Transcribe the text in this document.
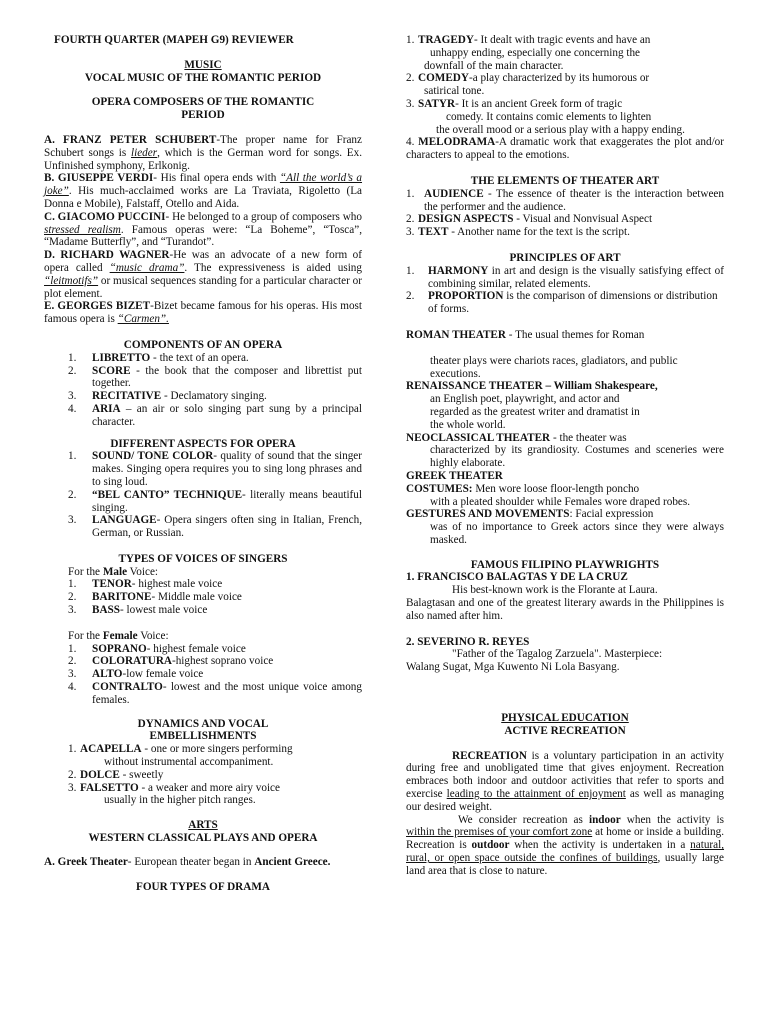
FOURTH QUARTER (MAPEH G9) REVIEWER

MUSIC

VOCAL MUSIC OF THE ROMANTIC PERIOD

OPERA COMPOSERS OF THE ROMANTIC

PERIOD

A. FRANZ PETER SCHUBERT-The proper name for Franz Schubert songs is lieder, which is the German word for songs. Ex. Unfinished symphony, Erlkonig.

B. GIUSEPPE VERDI- His final opera ends with “All the world’s a joke”. His much-acclaimed works are La Traviata, Rigoletto (La Donna e Mobile), Falstaff, Otello and Aida.

C. GIACOMO PUCCINI- He belonged to a group of composers who stressed realism. Famous operas were: “La Boheme”, “Tosca”, “Madame Butterfly”, and “Turandot”.

D. RICHARD WAGNER-He was an advocate of a new form of opera called “music drama”. The expressiveness is aided using “leitmotifs” or musical sequences standing for a particular character or plot element.

E. GEORGES BIZET-Bizet became famous for his operas. His most famous opera is “Carmen”.

COMPONENTS OF AN OPERA

1. LIBRETTO - the text of an opera.
2. SCORE - the book that the composer and librettist put together.
3. RECITATIVE - Declamatory singing.
4. ARIA – an air or solo singing part sung by a principal character.

DIFFERENT ASPECTS FOR OPERA

1. SOUND/ TONE COLOR- quality of sound that the singer makes. Singing opera requires you to sing long phrases and to sing loud.
2. “BEL CANTO” TECHNIQUE- literally means beautiful singing.
3. LANGUAGE- Opera singers often sing in Italian, French, German, or Russian.

TYPES OF VOICES OF SINGERS

For the Male Voice:

1. TENOR- highest male voice
2. BARITONE- Middle male voice
3. BASS- lowest male voice

For the Female Voice:

1. SOPRANO- highest female voice
2. COLORATURA-highest soprano voice
3. ALTO-low female voice
4. CONTRALTO- lowest and the most unique voice among females.

DYNAMICS AND VOCAL

EMBELLISHMENTS

1. ACAPELLA - one or more singers performing

without instrumental accompaniment.

2. DOLCE - sweetly
3. FALSETTO - a weaker and more airy voice

usually in the higher pitch ranges.

ARTS

WESTERN CLASSICAL PLAYS AND OPERA

A. Greek Theater- European theater began in Ancient Greece.

FOUR TYPES OF DRAMA

1. TRAGEDY- It dealt with tragic events and have an

unhappy ending, especially one concerning the

downfall of the main character.

2. COMEDY-a play characterized by its humorous or

satirical tone.

3. SATYR- It is an ancient Greek form of tragic

comedy. It contains comic elements to lighten

the overall mood or a serious play with a happy ending.

4. MELODRAMA-A dramatic work that exaggerates the plot and/or characters to appeal to the emotions.

THE ELEMENTS OF THEATER ART

1. AUDIENCE - The essence of theater is the interaction between the performer and the audience.
2. DESIGN ASPECTS - Visual and Nonvisual Aspect
3. TEXT - Another name for the text is the script.

PRINCIPLES OF ART

1. HARMONY in art and design is the visually satisfying effect of combining similar, related elements.
2. PROPORTION is the comparison of dimensions or distribution of forms.

ROMAN THEATER - The usual themes for Roman

theater plays were chariots races, gladiators, and public executions.

RENAISSANCE THEATER – William Shakespeare,

an English poet, playwright, and actor and regarded as the greatest writer and dramatist in the whole world.

NEOCLASSICAL THEATER - the theater was

characterized by its grandiosity. Costumes and sceneries were highly elaborate.

GREEK THEATER

COSTUMES: Men wore loose floor-length poncho

with a pleated shoulder while Females wore draped robes.

GESTURES AND MOVEMENTS: Facial expression

was of no importance to Greek actors since they were always masked.

FAMOUS FILIPINO PLAYWRIGHTS

1. FRANCISCO BALAGTAS Y DE LA CRUZ

His best-known work is the Florante at Laura.

Balagtasan and one of the greatest literary awards in the Philippines is also named after him.

2. SEVERINO R. REYES

"Father of the Tagalog Zarzuela". Masterpiece:

Walang Sugat, Mga Kuwento Ni Lola Basyang.

PHYSICAL EDUCATION

ACTIVE RECREATION

RECREATION is a voluntary participation in an activity during free and unobligated time that gives enjoyment. Recreation embraces both indoor and outdoor activities that refer to sports and exercise leading to the attainment of enjoyment as well as managing our desired weight.

We consider recreation as indoor when the activity is within the premises of your comfort zone at home or inside a building. Recreation is outdoor when the activity is undertaken in a natural, rural, or open space outside the confines of buildings, usually large land area that is close to nature.
